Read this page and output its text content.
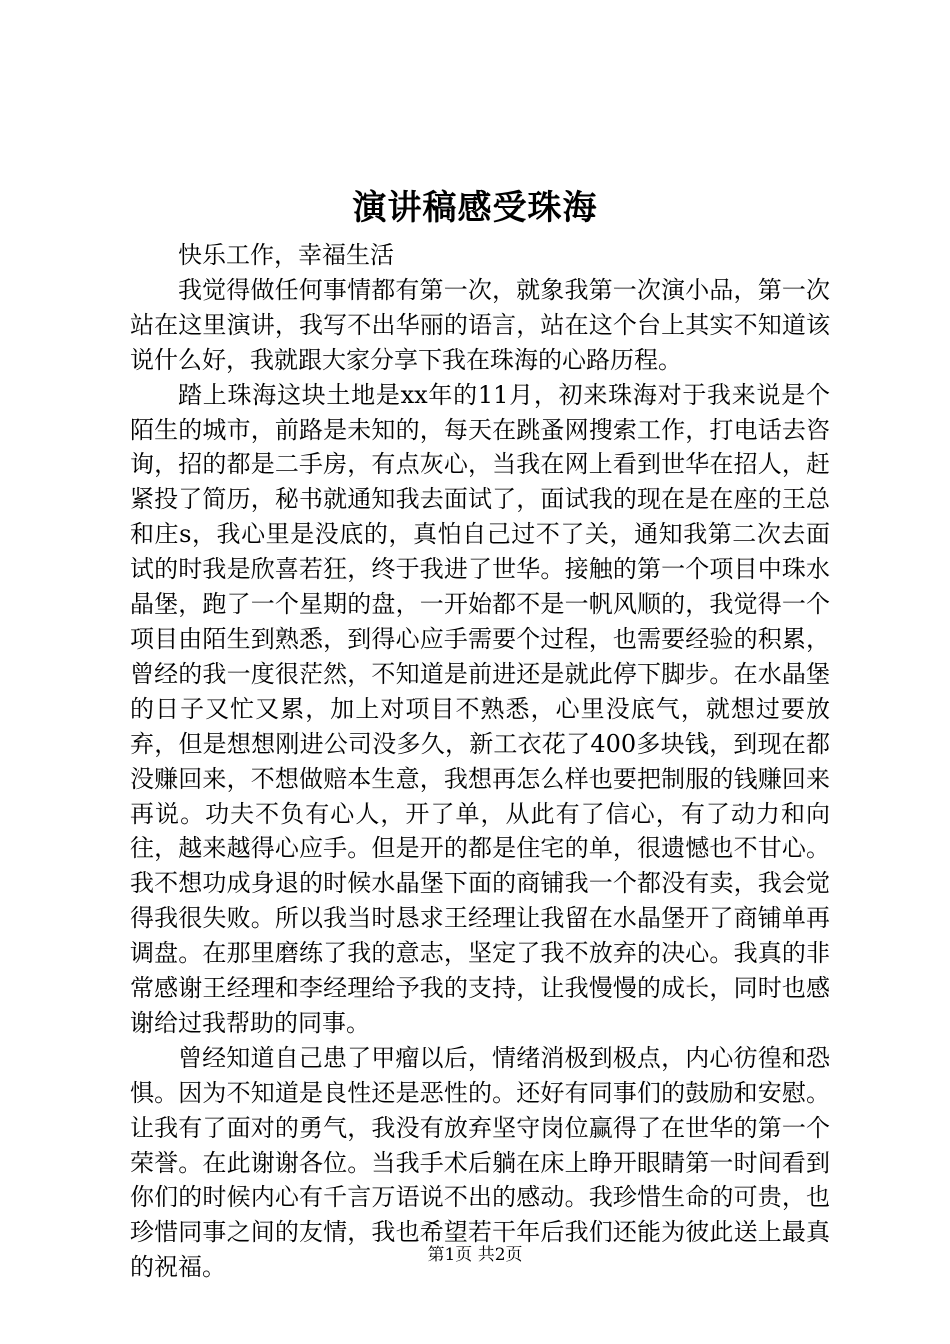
演讲稿感受珠海

快乐工作，幸福生活

我觉得做任何事情都有第一次，就象我第一次演小品，第一次站在这里演讲，我写不出华丽的语言，站在这个台上其实不知道该说什么好，我就跟大家分享下我在珠海的心路历程。

踏上珠海这块土地是xx年的11月，初来珠海对于我来说是个陌生的城市，前路是未知的，每天在跳蚤网搜索工作，打电话去咨询，招的都是二手房，有点灰心，当我在网上看到世华在招人，赶紧投了简历，秘书就通知我去面试了，面试我的现在是在座的王总和庄s，我心里是没底的，真怕自己过不了关，通知我第二次去面试的时我是欣喜若狂，终于我进了世华。接触的第一个项目中珠水晶堡，跑了一个星期的盘，一开始都不是一帆风顺的，我觉得一个项目由陌生到熟悉，到得心应手需要个过程，也需要经验的积累，曾经的我一度很茫然，不知道是前进还是就此停下脚步。在水晶堡的日子又忙又累，加上对项目不熟悉，心里没底气，就想过要放弃，但是想想刚进公司没多久，新工衣花了400多块钱，到现在都没赚回来，不想做赔本生意，我想再怎么样也要把制服的钱赚回来再说。功夫不负有心人，开了单，从此有了信心，有了动力和向往，越来越得心应手。但是开的都是住宅的单，很遗憾也不甘心。我不想功成身退的时候水晶堡下面的商铺我一个都没有卖，我会觉得我很失败。所以我当时恳求王经理让我留在水晶堡开了商铺单再调盘。在那里磨练了我的意志，坚定了我不放弃的决心。我真的非常感谢王经理和李经理给予我的支持，让我慢慢的成长，同时也感谢给过我帮助的同事。

曾经知道自己患了甲瘤以后，情绪消极到极点，内心彷徨和恐惧。因为不知道是良性还是恶性的。还好有同事们的鼓励和安慰。让我有了面对的勇气，我没有放弃坚守岗位赢得了在世华的第一个荣誉。在此谢谢各位。当我手术后躺在床上睁开眼睛第一时间看到你们的时候内心有千言万语说不出的感动。我珍惜生命的可贵，也珍惜同事之间的友情，我也希望若干年后我们还能为彼此送上最真的祝福。	第1页 共2页
